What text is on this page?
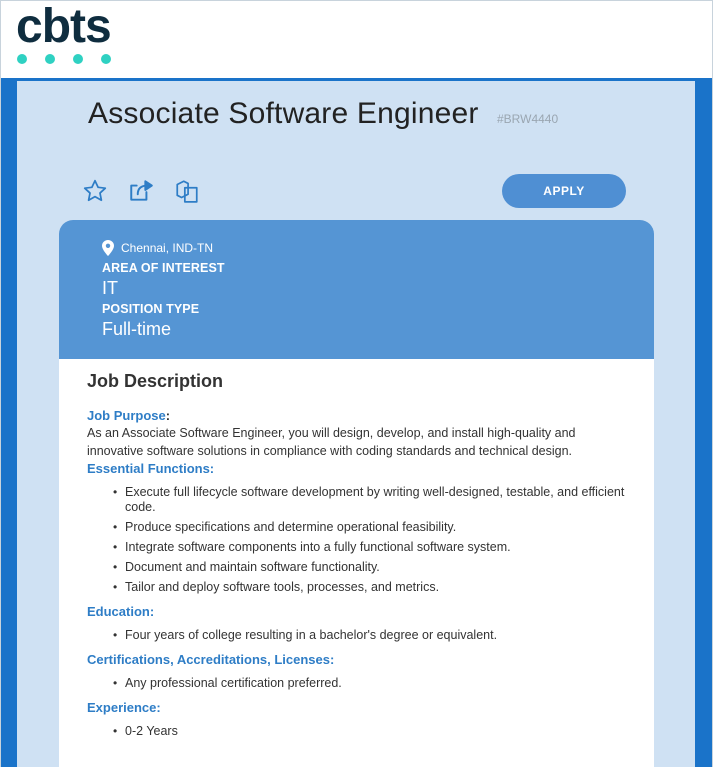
cbts
Associate Software Engineer #BRW4440
APPLY
Chennai, IND-TN
AREA OF INTEREST
IT
POSITION TYPE
Full-time
Job Description
Job Purpose:

As an Associate Software Engineer, you will design, develop, and install high-quality and innovative software solutions in compliance with coding standards and technical design.

Essential Functions:
• Execute full lifecycle software development by writing well-designed, testable, and efficient code.
• Produce specifications and determine operational feasibility.
• Integrate software components into a fully functional software system.
• Document and maintain software functionality.
• Tailor and deploy software tools, processes, and metrics.
Education:
• Four years of college resulting in a bachelor's degree or equivalent.
Certifications, Accreditations, Licenses:
• Any professional certification preferred.
Experience:
• 0-2 Years
